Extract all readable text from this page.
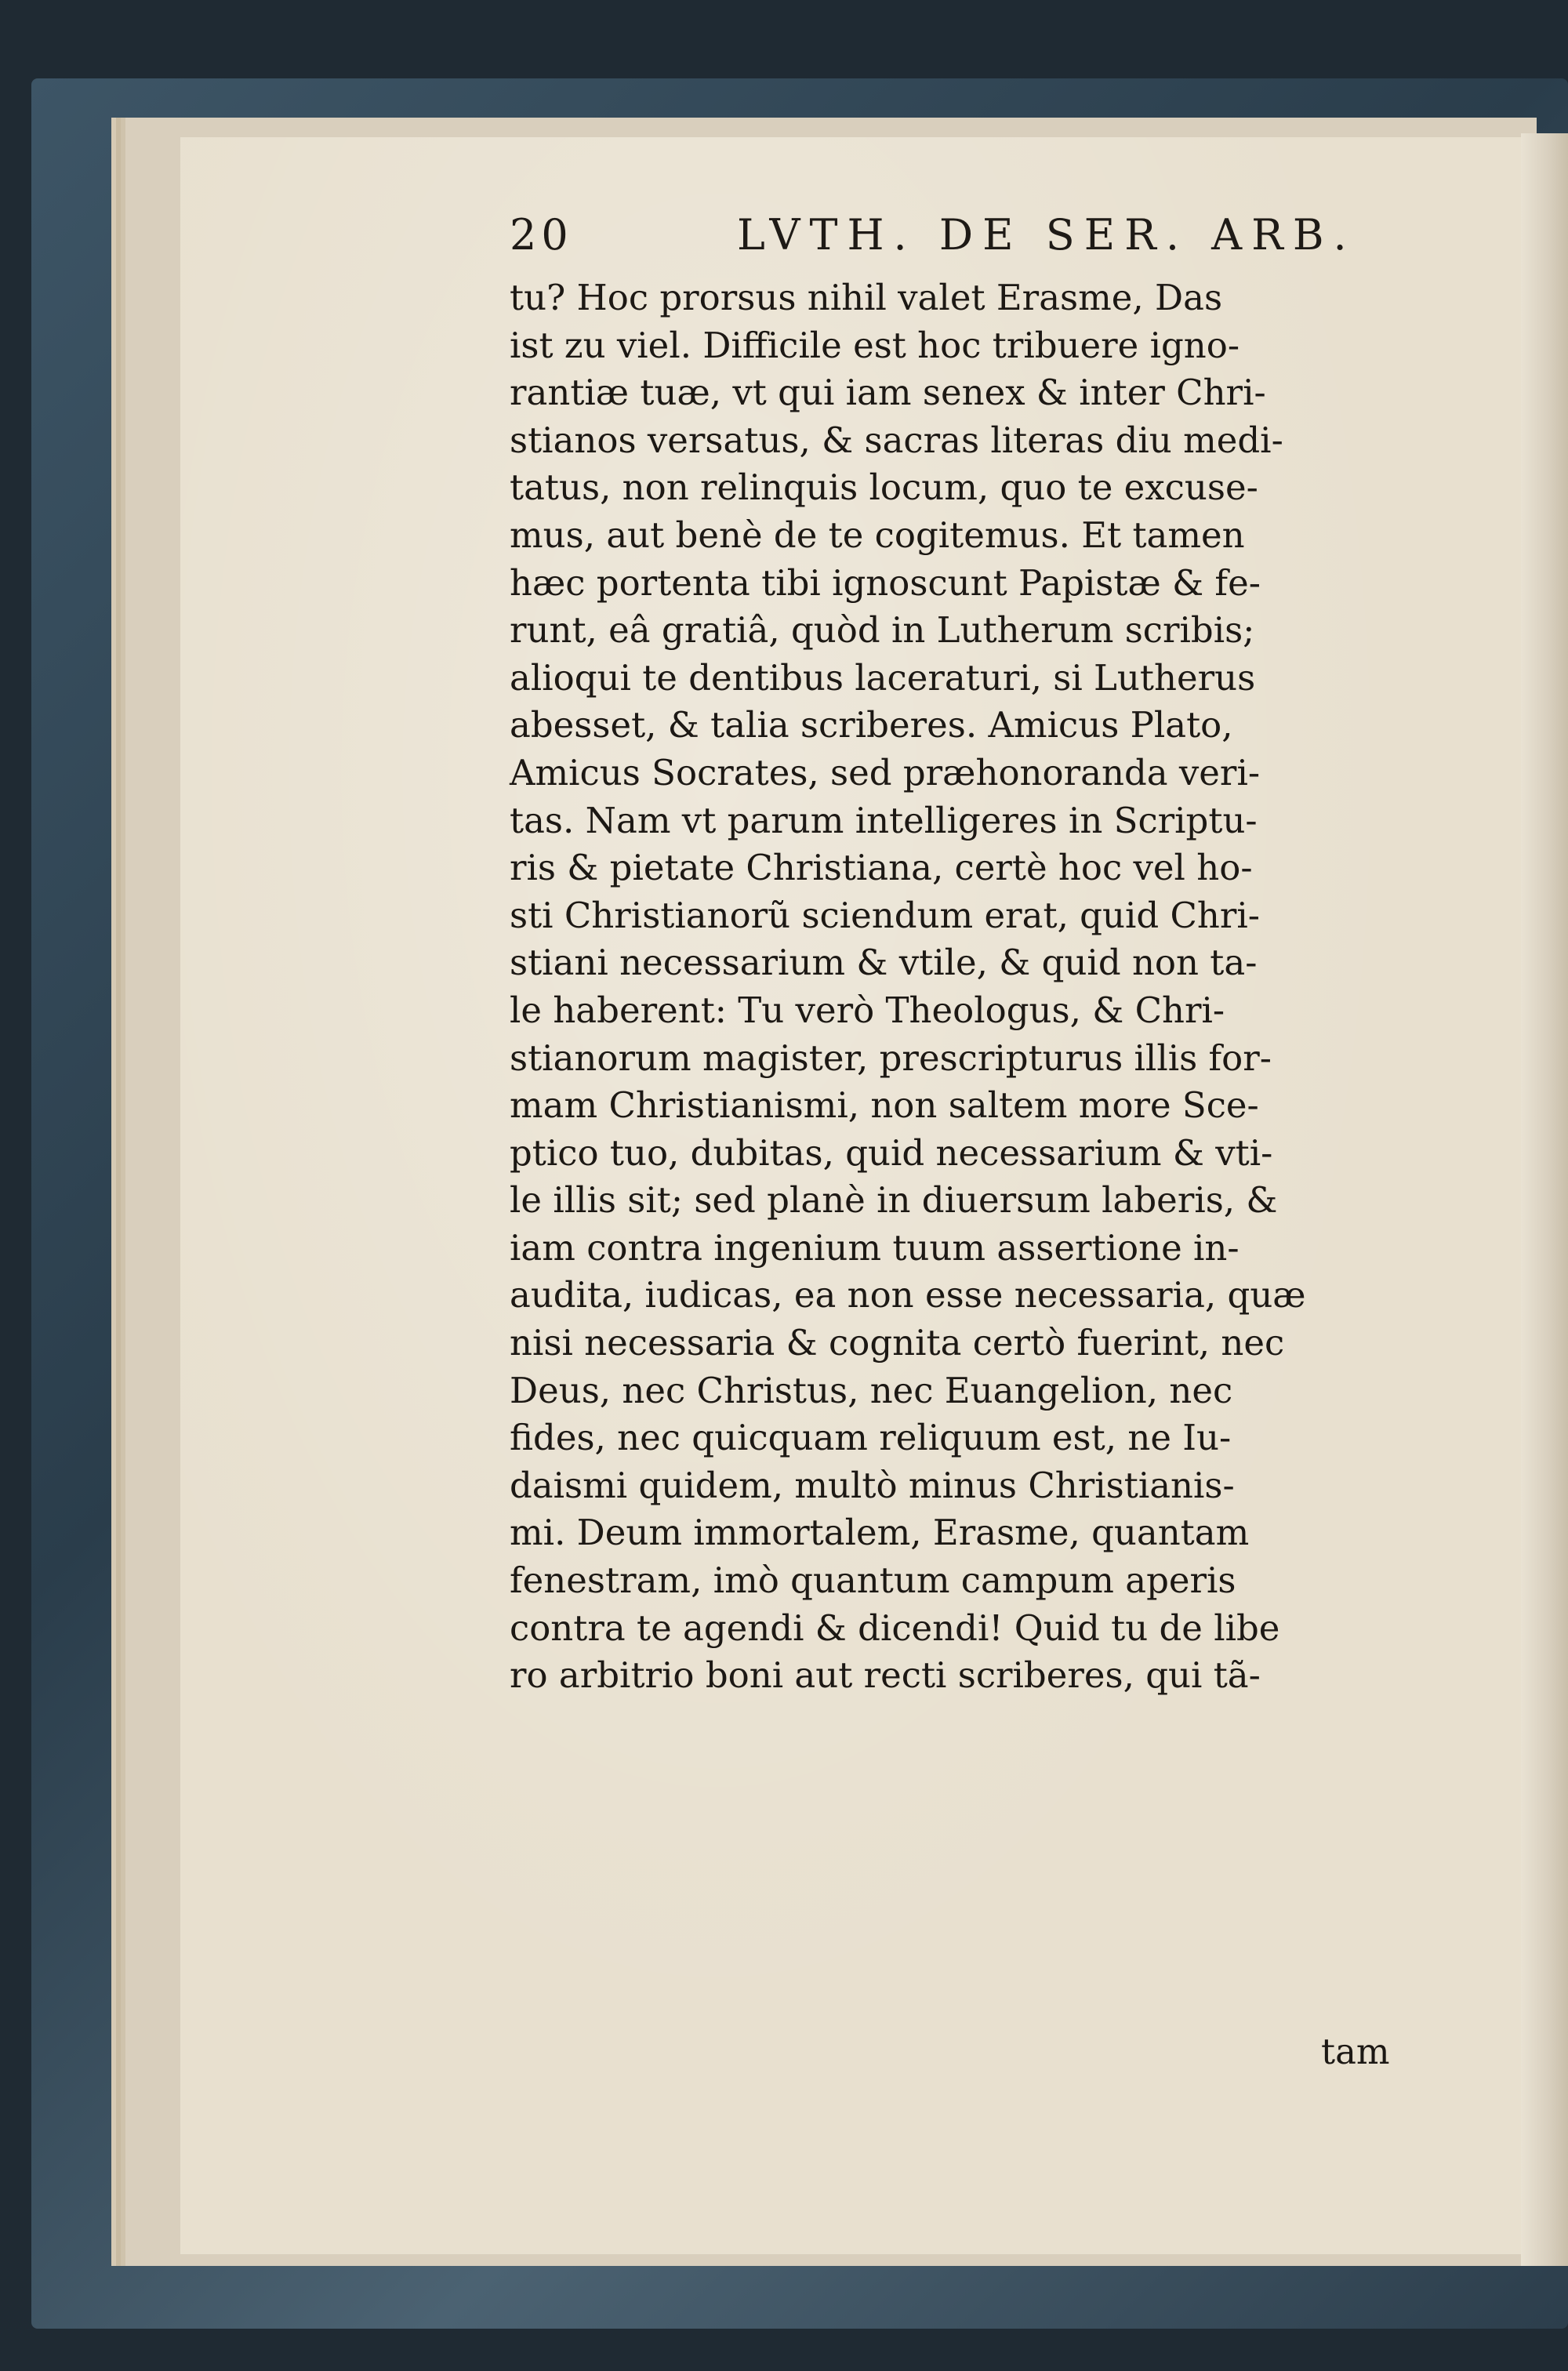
20	LVTH. DE SER. ARB.
tu? Hoc prorsus nihil valet Erasme, Das
ist zu viel. Difficile est hoc tribuere igno-
rantiæ tuæ, vt qui iam senex & inter Chri-
stianos versatus, & sacras literas diu medi-
tatus, non relinquis locum, quo te excuse-
mus, aut benè de te cogitemus. Et tamen
hæc portenta tibi ignoscunt Papistæ & fe-
runt, eâ gratiâ, quòd in Lutherum scribis;
alioqui te dentibus laceraturi, si Lutherus
abesset, & talia scriberes. Amicus Plato,
Amicus Socrates, sed præhonoranda veri-
tas. Nam vt parum intelligeres in Scriptu-
ris & pietate Christiana, certè hoc vel ho-
sti Christianorũ sciendum erat, quid Chri-
stiani necessarium & vtile, & quid non ta-
le haberent: Tu verò Theologus, & Chri-
stianorum magister, prescripturus illis for-
mam Christianismi, non saltem more Sce-
ptico tuo, dubitas, quid necessarium & vti-
le illis sit; sed planè in diuersum laberis, &
iam contra ingenium tuum assertione in-
audita, iudicas, ea non esse necessaria, quæ
nisi necessaria & cognita certò fuerint, nec
Deus, nec Christus, nec Euangelion, nec
fides, nec quicquam reliquum est, ne Iu-
daismi quidem, multò minus Christianis-
mi. Deum immortalem, Erasme, quantam
fenestram, imò quantum campum aperis
contra te agendi & dicendi! Quid tu de libe
ro arbitrio boni aut recti scriberes, qui tã-
tam
